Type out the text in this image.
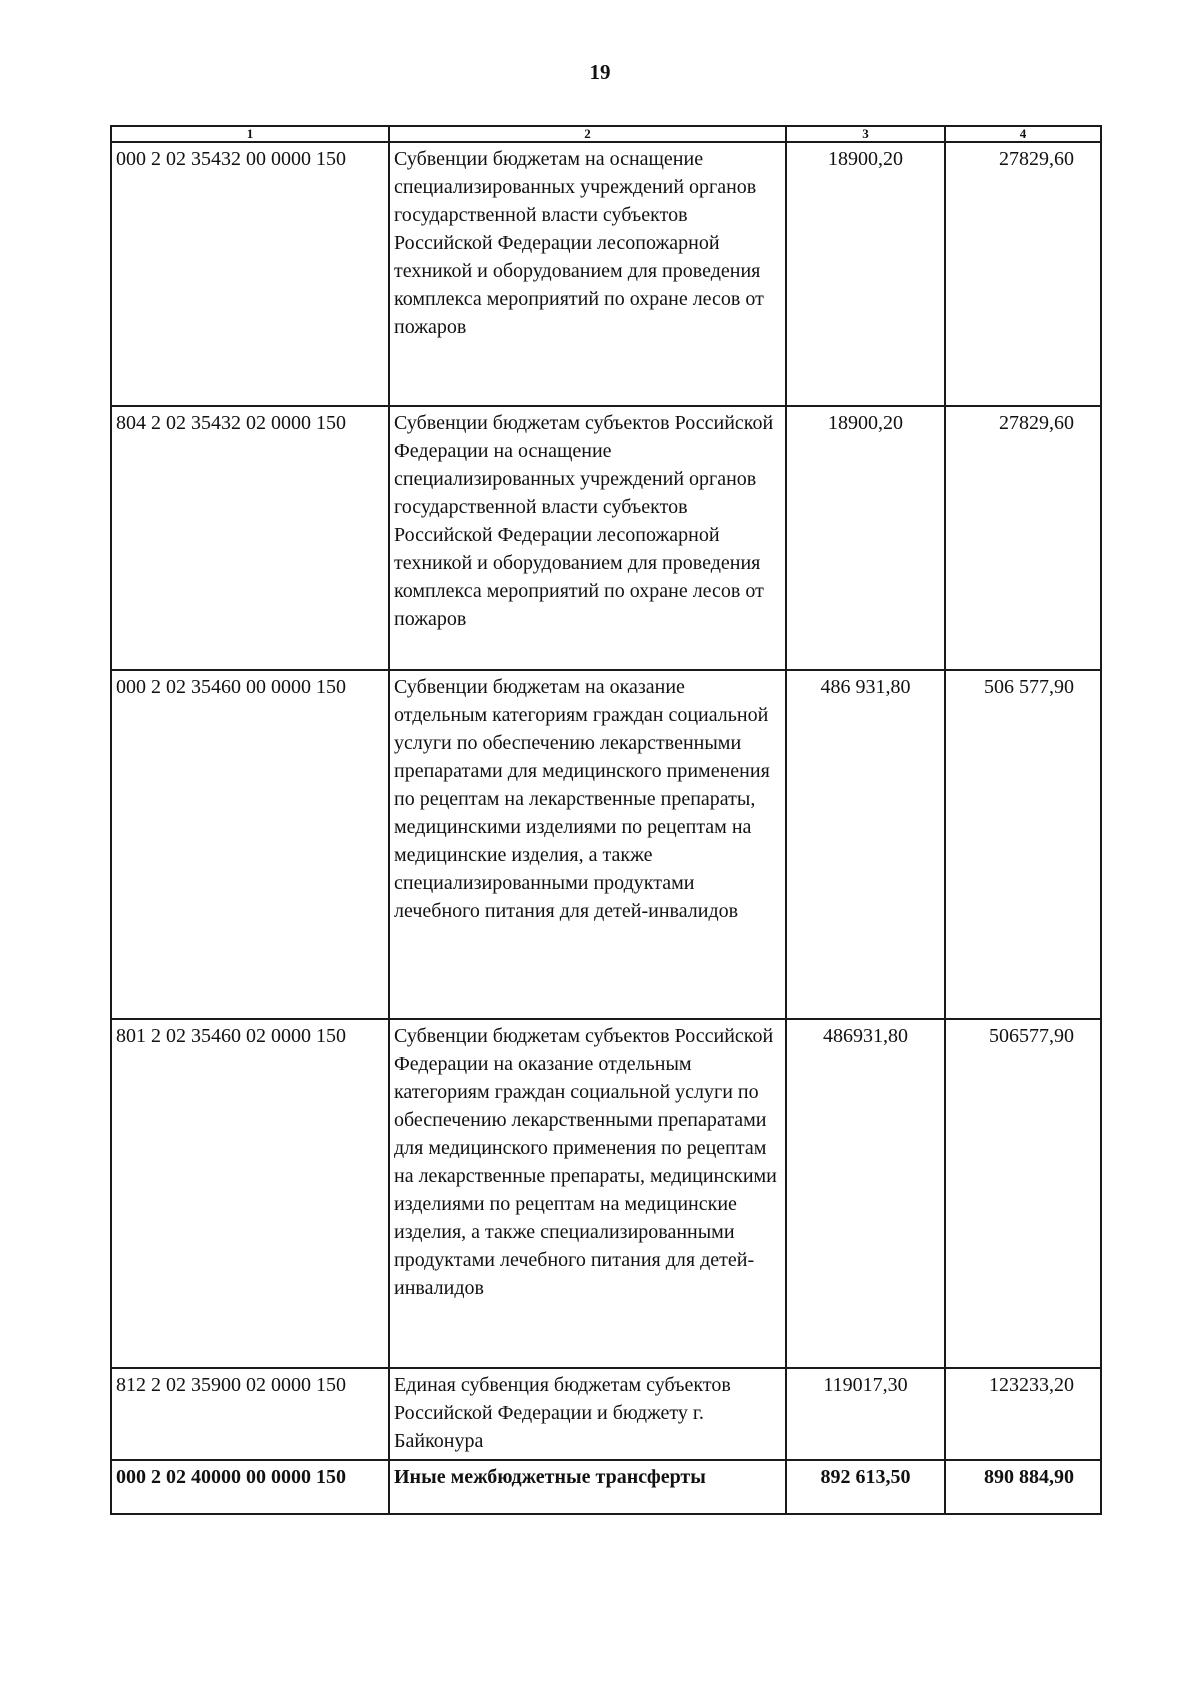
19
1	2	3	4
000 2 02 35432 00 0000 150	Субвенции бюджетам на оснащение специализированных учреждений органов государственной власти субъектов Российской Федерации лесопожарной техникой и оборудованием для проведения комплекса мероприятий по охране лесов от пожаров	18900,20	27829,60
804 2 02 35432 02 0000 150	Субвенции бюджетам субъектов Российской Федерации на оснащение специализированных учреждений органов государственной власти субъектов Российской Федерации лесопожарной техникой и оборудованием для проведения комплекса мероприятий по охране лесов от пожаров	18900,20	27829,60
000 2 02 35460 00 0000 150	Субвенции бюджетам на оказание отдельным категориям граждан социальной услуги по обеспечению лекарственными препаратами для медицинского применения по рецептам на лекарственные препараты, медицинскими изделиями по рецептам на медицинские изделия, а также специализированными продуктами лечебного питания для детей-инвалидов	486 931,80	506 577,90
801 2 02 35460 02 0000 150	Субвенции бюджетам субъектов Российской Федерации на оказание отдельным категориям граждан социальной услуги по обеспечению лекарственными препаратами для медицинского применения по рецептам на лекарственные препараты, медицинскими изделиями по рецептам на медицинские изделия, а также специализированными продуктами лечебного питания для детей-инвалидов	486931,80	506577,90
812 2 02 35900 02 0000 150	Единая субвенция бюджетам субъектов Российской Федерации и бюджету г. Байконура	119017,30	123233,20
000 2 02 40000 00 0000 150	Иные межбюджетные трансферты	892 613,50	890 884,90
